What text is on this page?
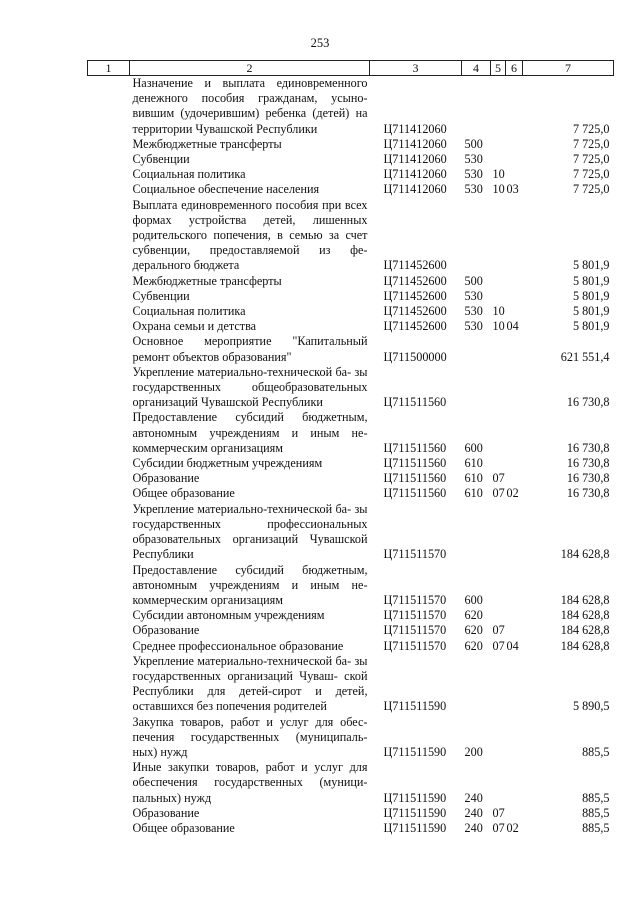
253
1	2	3	4	5	6	7
	Назначение и выплата единовременного денежного пособия гражданам, усыно- вившим (удочерившим) ребенка (детей) на территории Чувашской Республики	Ц711412060				7 725,0
	Межбюджетные трансферты	Ц711412060	500			7 725,0
	Субвенции	Ц711412060	530			7 725,0
	Социальная политика	Ц711412060	530	10		7 725,0
	Социальное обеспечение населения	Ц711412060	530	10	03	7 725,0
	Выплата единовременного пособия при всех формах устройства детей, лишенных родительского попечения, в семью за счет субвенции, предоставляемой из фе- дерального бюджета	Ц711452600				5 801,9
	Межбюджетные трансферты	Ц711452600	500			5 801,9
	Субвенции	Ц711452600	530			5 801,9
	Социальная политика	Ц711452600	530	10		5 801,9
	Охрана семьи и детства	Ц711452600	530	10	04	5 801,9
	Основное мероприятие "Капитальный ремонт объектов образования"	Ц711500000				621 551,4
	Укрепление материально-технической ба- зы государственных общеобразовательных организаций Чувашской Республики	Ц711511560				16 730,8
	Предоставление субсидий бюджетным, автономным учреждениям и иным не- коммерческим организациям	Ц711511560	600			16 730,8
	Субсидии бюджетным учреждениям	Ц711511560	610			16 730,8
	Образование	Ц711511560	610	07		16 730,8
	Общее образование	Ц711511560	610	07	02	16 730,8
	Укрепление материально-технической ба- зы государственных профессиональных образовательных организаций Чувашской Республики	Ц711511570				184 628,8
	Предоставление субсидий бюджетным, автономным учреждениям и иным не- коммерческим организациям	Ц711511570	600			184 628,8
	Субсидии автономным учреждениям	Ц711511570	620			184 628,8
	Образование	Ц711511570	620	07		184 628,8
	Среднее профессиональное образование	Ц711511570	620	07	04	184 628,8
	Укрепление материально-технической ба- зы государственных организаций Чуваш- ской Республики для детей-сирот и детей, оставшихся без попечения родителей	Ц711511590				5 890,5
	Закупка товаров, работ и услуг для обес- печения государственных (муниципаль- ных) нужд	Ц711511590	200			885,5
	Иные закупки товаров, работ и услуг для обеспечения государственных (муници- пальных) нужд	Ц711511590	240			885,5
	Образование	Ц711511590	240	07		885,5
	Общее образование	Ц711511590	240	07	02	885,5
